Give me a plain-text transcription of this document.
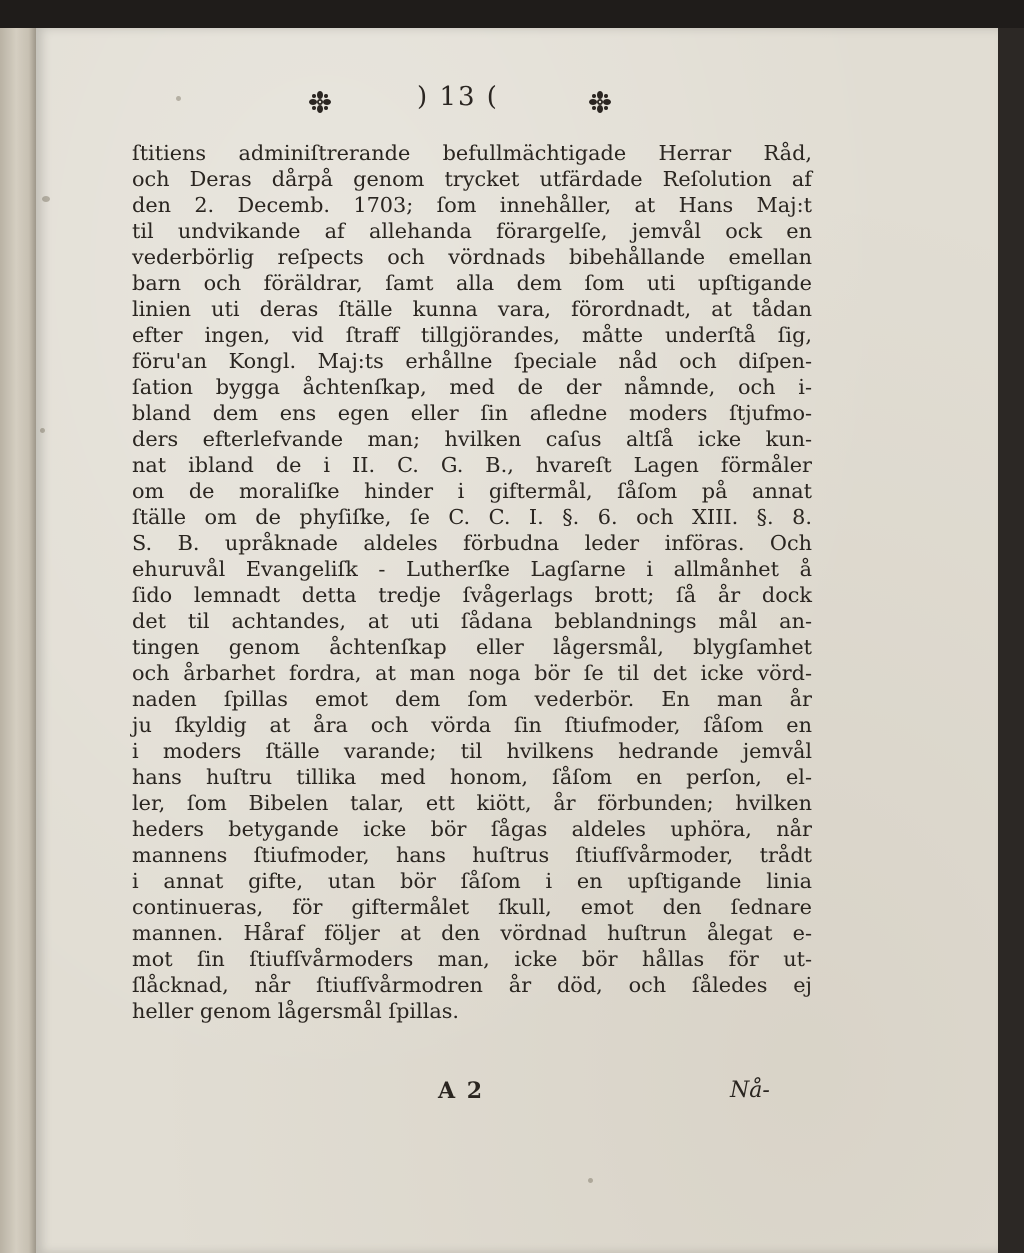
) 13 (
ſtitiens adminiſtrerande befullmächtigade Herrar Råd,
och Deras dårpå genom trycket utfärdade Reſolution af
den 2. Decemb. 1703; ſom innehåller, at Hans Maj:t
til undvikande af allehanda förargelſe, jemvål ock en
vederbörlig reſpects och vördnads bibehållande emellan
barn och föräldrar, ſamt alla dem ſom uti upſtigande
linien uti deras ſtälle kunna vara, förordnadt, at tådan
efter ingen, vid ſtraff tillgjörandes, måtte underſtå ſig,
föru'an Kongl. Maj:ts erhållne ſpeciale nåd och diſpen-
ſation bygga åchtenſkap, med de der nåmnde, och i-
bland dem ens egen eller ſin afledne moders ſtjufmo-
ders efterlefvande man; hvilken caſus altſå icke kun-
nat ibland de i II. C. G. B., hvareſt Lagen förmåler
om de moraliſke hinder i giftermål, ſåſom på annat
ſtälle om de phyſiſke, ſe C. C. I. §. 6. och XIII. §. 8.
S. B. upråknade aldeles förbudna leder införas. Och
ehuruvål Evangeliſk - Lutherſke Lagſarne i allmånhet å
ſido lemnadt detta tredje ſvågerlags brott; ſå år dock
det til achtandes, at uti ſådana beblandnings mål an-
tingen genom åchtenſkap eller lågersmål, blygſamhet
och årbarhet fordra, at man noga bör ſe til det icke vörd-
naden ſpillas emot dem ſom vederbör. En man år
ju ſkyldig at åra och vörda ſin ſtiufmoder, ſåſom en
i moders ſtälle varande; til hvilkens hedrande jemvål
hans huſtru tillika med honom, ſåſom en perſon, el-
ler, ſom Bibelen talar, ett kiött, år förbunden; hvilken
heders betygande icke bör ſågas aldeles uphöra, når
mannens ſtiufmoder, hans huſtrus ſtiufſvårmoder, trådt
i annat gifte, utan bör ſåſom i en upſtigande linia
continueras, för giftermålet ſkull, emot den ſednare
mannen. Håraf följer at den vördnad huſtrun ålegat e-
mot ſin ſtiufſvårmoders man, icke bör hållas för ut-
ſlåcknad, når ſtiufſvårmodren år död, och ſåledes ej
heller genom lågersmål ſpillas.
A 2	Nå-
